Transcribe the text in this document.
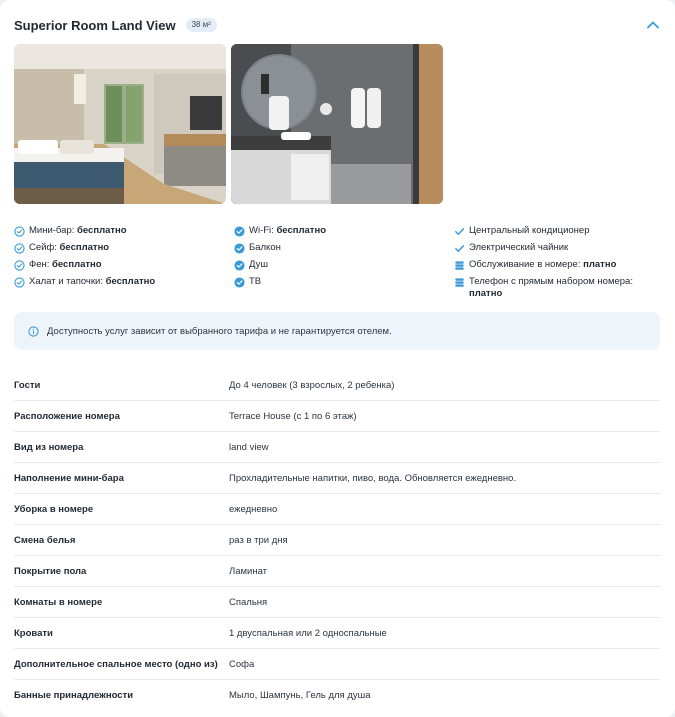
Superior Room Land View	38 м²
Мини-бар: бесплатно
Сейф: бесплатно
Фен: бесплатно
Халат и тапочки: бесплатно
Wi-Fi: бесплатно
Балкон
Душ
ТВ
Центральный кондиционер
Электрический чайник
Обслуживание в номере: платно
Телефон с прямым набором номера: платно
Доступность услуг зависит от выбранного тарифа и не гарантируется отелем.
Гости	До 4 человек (3 взрослых, 2 ребенка)
Расположение номера	Terrace House (с 1 по 6 этаж)
Вид из номера	land view
Наполнение мини-бара	Прохладительные напитки, пиво, вода. Обновляется ежедневно.
Уборка в номере	ежедневно
Смена белья	раз в три дня
Покрытие пола	Ламинат
Комнаты в номере	Спальня
Кровати	1 двуспальная или 2 односпальные
Дополнительное спальное место (одно из)	Софа
Банные принадлежности	Мыло, Шампунь, Гель для душа
